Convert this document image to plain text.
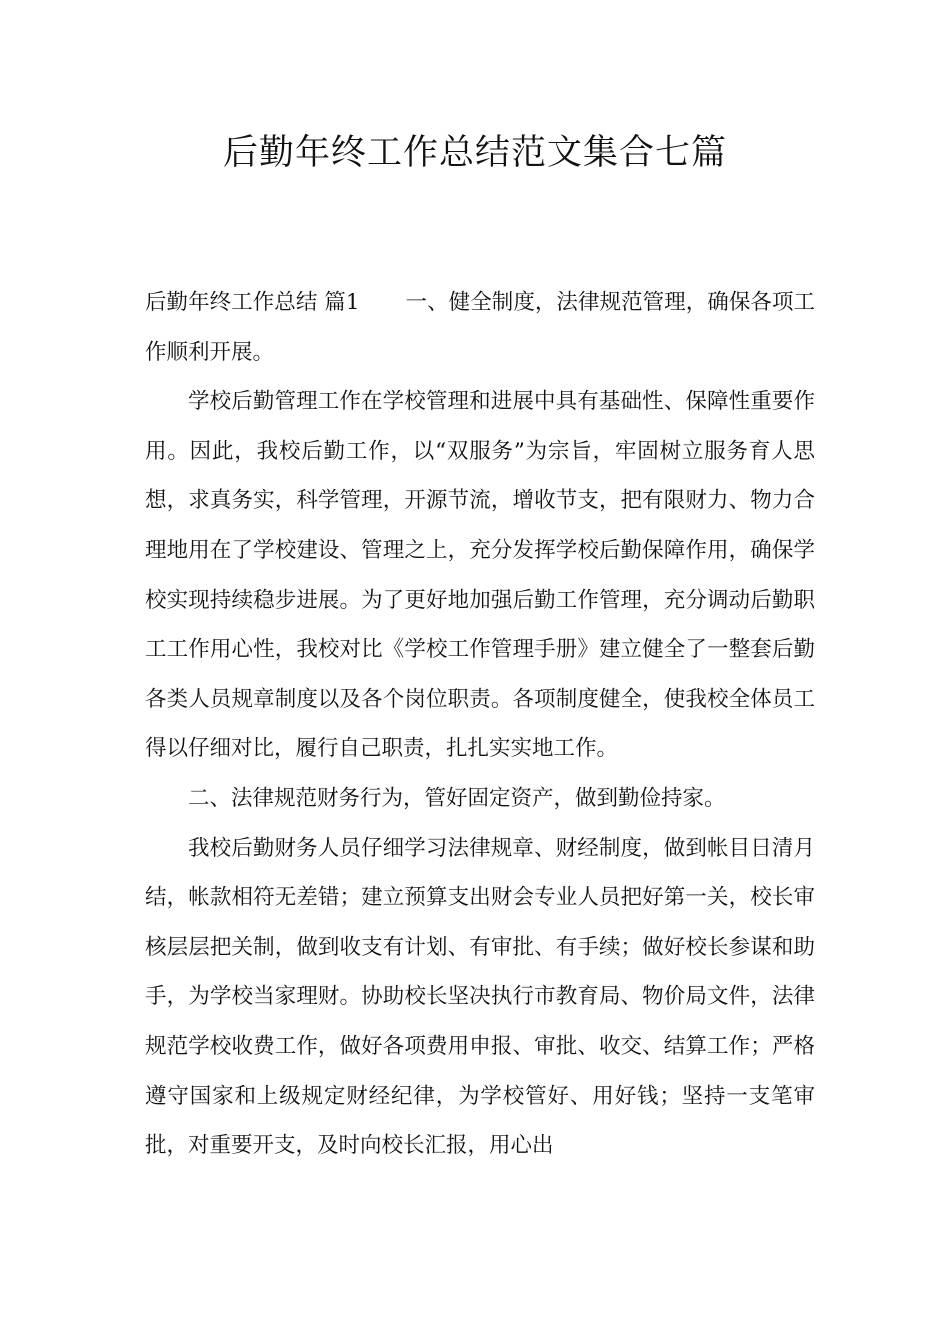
后勤年终工作总结范文集合七篇

后勤年终工作总结 篇1 一、健全制度，法律规范管理，确保各项工作顺利开展。

学校后勤管理工作在学校管理和进展中具有基础性、保障性重要作用。因此，我校后勤工作，以“双服务”为宗旨，牢固树立服务育人思想，求真务实，科学管理，开源节流，增收节支，把有限财力、物力合理地用在了学校建设、管理之上，充分发挥学校后勤保障作用，确保学校实现持续稳步进展。为了更好地加强后勤工作管理，充分调动后勤职工工作用心性，我校对比《学校工作管理手册》建立健全了一整套后勤各类人员规章制度以及各个岗位职责。各项制度健全，使我校全体员工得以仔细对比，履行自己职责，扎扎实实地工作。

二、法律规范财务行为，管好固定资产，做到勤俭持家。

我校后勤财务人员仔细学习法律规章、财经制度，做到帐目日清月结，帐款相符无差错；建立预算支出财会专业人员把好第一关，校长审核层层把关制，做到收支有计划、有审批、有手续；做好校长参谋和助手，为学校当家理财。协助校长坚决执行市教育局、物价局文件，法律规范学校收费工作，做好各项费用申报、审批、收交、结算工作；严格遵守国家和上级规定财经纪律，为学校管好、用好钱；坚持一支笔审批，对重要开支，及时向校长汇报，用心出
